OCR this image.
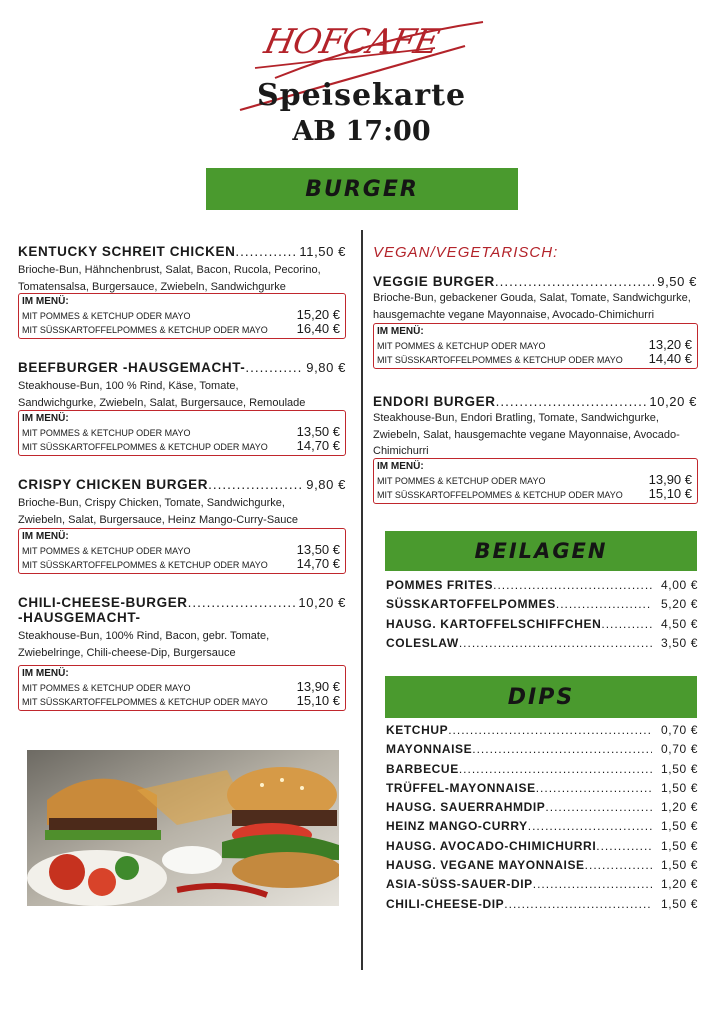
HOFCAFE
Speisekarte
AB 17:00
BURGER
KENTUCKY SCHREIT CHICKEN .....	11,50 €
Brioche-Bun, Hähnchenbrust, Salat, Bacon, Rucola, Pecorino, Tomatensalsa, Burgersauce, Zwiebeln, Sandwichgurke
IM MENÜ:
MIT POMMES & KETCHUP ODER MAYO	15,20 €
MIT SÜSSKARTOFFELPOMMES & KETCHUP ODER MAYO 16,40 €
BEEFBURGER -HAUSGEMACHT- .....	9,80 €
Steakhouse-Bun, 100 % Rind, Käse, Tomate, Sandwichgurke, Zwiebeln, Salat, Burgersauce, Remoulade
IM MENÜ:
MIT POMMES & KETCHUP ODER MAYO	13,50 €
MIT SÜSSKARTOFFELPOMMES & KETCHUP ODER MAYO 14,70 €
CRISPY CHICKEN BURGER .....	9,80 €
Brioche-Bun, Crispy Chicken, Tomate, Sandwichgurke, Zwiebeln, Salat, Burgersauce, Heinz Mango-Curry-Sauce
IM MENÜ:
MIT POMMES & KETCHUP ODER MAYO	13,50 €
MIT SÜSSKARTOFFELPOMMES & KETCHUP ODER MAYO 14,70 €
CHILI-CHEESE-BURGER .....	10,20 €
-HAUSGEMACHT-
Steakhouse-Bun, 100% Rind, Bacon, gebr. Tomate, Zwiebelringe, Chili-cheese-Dip, Burgersauce
IM MENÜ:
MIT POMMES & KETCHUP ODER MAYO	13,90 €
MIT SÜSSKARTOFFELPOMMES & KETCHUP ODER MAYO 15,10 €
VEGAN/VEGETARISCH:
VEGGIE BURGER .....	9,50 €
Brioche-Bun, gebackener Gouda, Salat, Tomate, Sandwichgurke, hausgemachte vegane Mayonnaise, Avocado-Chimichurri
IM MENÜ:
MIT POMMES & KETCHUP ODER MAYO	13,20 €
MIT SÜSSKARTOFFELPOMMES & KETCHUP ODER MAYO 14,40 €
ENDORI BURGER .....	10,20 €
Steakhouse-Bun, Endori Bratling, Tomate, Sandwichgurke, Zwiebeln, Salat, hausgemachte vegane Mayonnaise, Avocado-Chimichurri
IM MENÜ:
MIT POMMES & KETCHUP ODER MAYO	13,90 €
MIT SÜSSKARTOFFELPOMMES & KETCHUP ODER MAYO 15,10 €
BEILAGEN
POMMES FRITES .....	4,00 €
SÜSSKARTOFFELPOMMES .....	5,20 €
HAUSG. KARTOFFELSCHIFFCHEN .....	4,50 €
COLESLAW .....	3,50 €
DIPS
KETCHUP .....	0,70 €
MAYONNAISE .....	0,70 €
BARBECUE .....	1,50 €
TRÜFFEL-MAYONNAISE .....	1,50 €
HAUSG. SAUERRAHMDIP .....	1,20 €
HEINZ MANGO-CURRY .....	1,50 €
HAUSG. AVOCADO-CHIMICHURRI .....	1,50 €
HAUSG. VEGANE MAYONNAISE .....	1,50 €
ASIA-SÜSS-SAUER-DIP .....	1,20 €
CHILI-CHEESE-DIP .....	1,50 €
